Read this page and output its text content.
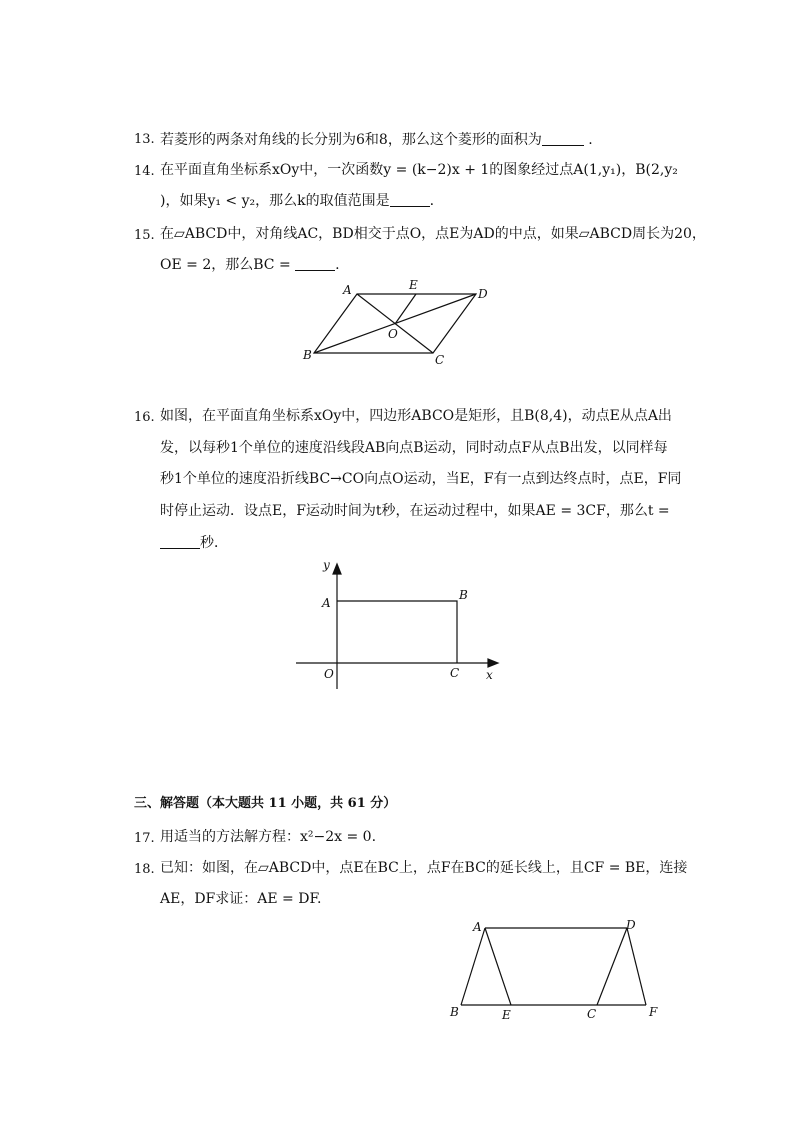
13. 若菱形的两条对角线的长分别为6和8，那么这个菱形的面积为	.
14. 在平面直角坐标系xOy中，一次函数y = (k−2)x + 1的图象经过点A(1,y₁)，B(2,y₂
)，如果y₁ < y₂，那么k的取值范围是	.
15. 在▱ABCD中，对角线AC，BD相交于点O，点E为AD的中点，如果▱ABCD周长为20，
OE = 2，那么BC =	.
A	E
D
O
B	C
16. 如图，在平面直角坐标系xOy中，四边形ABCO是矩形，且B(8,4)，动点E从点A出
发，以每秒1个单位的速度沿线段AB向点B运动，同时动点F从点B出发，以同样每
秒1个单位的速度沿折线BC→CO向点O运动，当E，F有一点到达终点时，点E，F同
时停止运动．设点E，F运动时间为t秒，在运动过程中，如果AE = 3CF，那么t =
秒．
y
A
B
O	C x
三、解答题（本大题共 11 小题，共 61 分）
17. 用适当的方法解方程：x²−2x = 0.
18. 已知：如图，在▱ABCD中，点E在BC上，点F在BC的延长线上，且CF = BE，连接
AE，DF求证：AE = DF.
A	D
B	E	C	F
